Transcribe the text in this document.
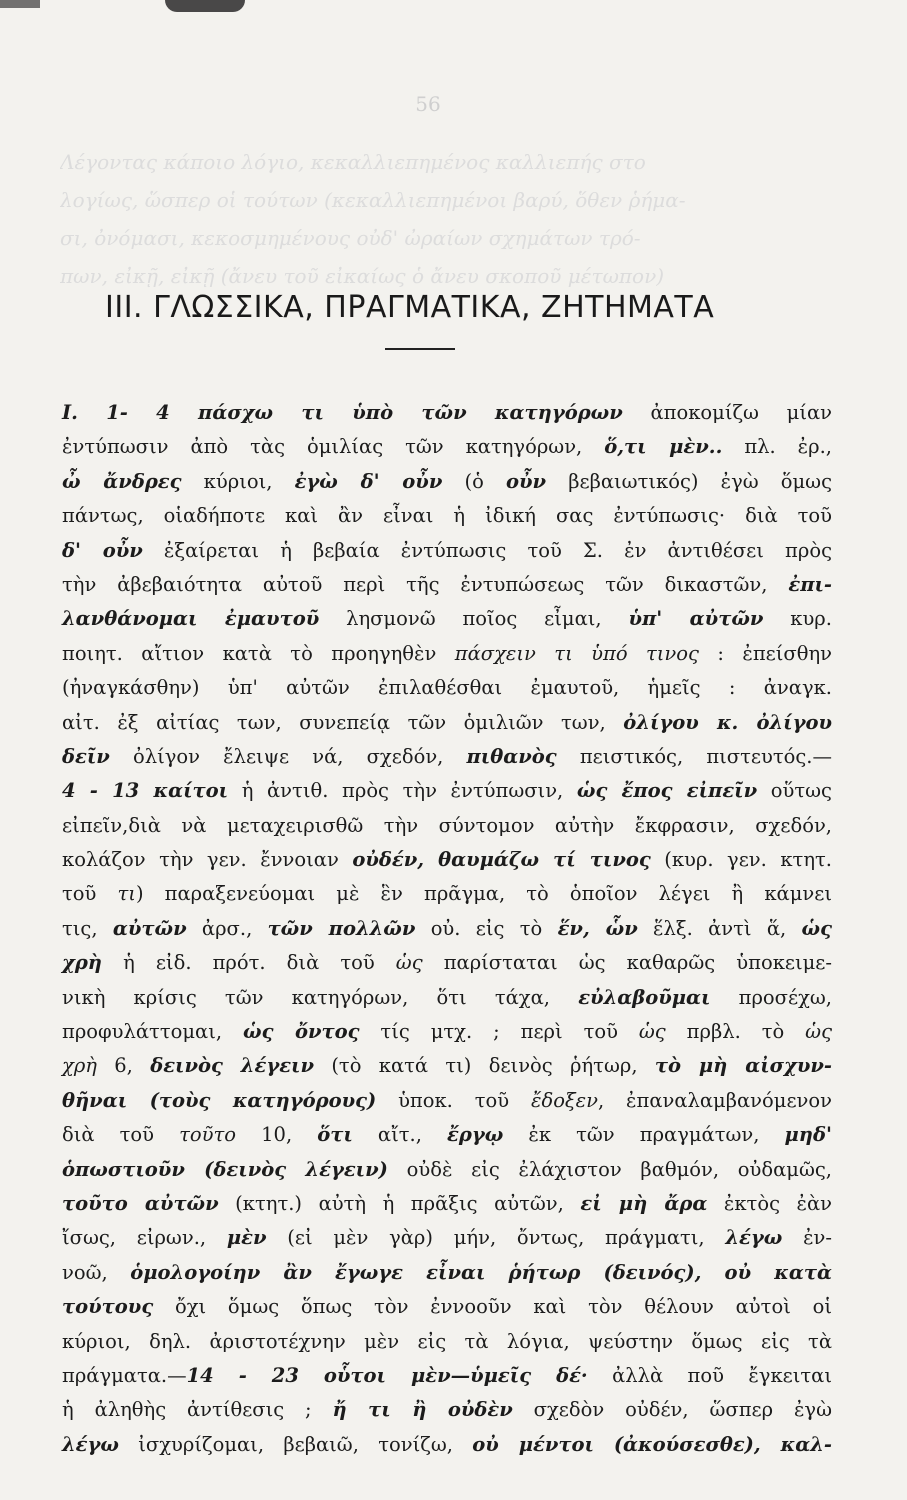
56
Λέγοντας κάποιο λόγιο, κεκαλλιεπημένος καλλιεπής στο
λογίως, ὥσπερ οἱ τούτων (κεκαλλιεπημένοι βαρύ, ὅθεν ῥήμα-
σι, ὀνόμασι, κεκοσμημένους οὐδ' ὠραίων σχημάτων τρό-
πων, εἰκῇ, εἰκῇ (ἄνευ τοῦ εἰκαίως ὁ ἄνευ σκοποῦ μέτωπον)
III. ΓΛΩΣΣΙΚΑ, ΠΡΑΓΜΑΤΙΚΑ, ΖΗΤΗΜΑΤΑ
I. 1- 4 πάσχω τι ὑπὸ τῶν κατηγόρων ἀποκομίζω μίαν
ἐντύπωσιν ἀπὸ τὰς ὁμιλίας τῶν κατηγόρων, ὅ,τι μὲν.. πλ. ἐρ.,
ὦ ἄνδρες κύριοι, ἐγὼ δ' οὖν (ὁ οὖν βεβαιωτικός) ἐγὼ ὅμως
πάντως, οἱαδήποτε καὶ ἂν εἶναι ἡ ἰδική σας ἐντύπωσις· διὰ τοῦ
δ' οὖν ἐξαίρεται ἡ βεβαία ἐντύπωσις τοῦ Σ. ἐν ἀντιθέσει πρὸς
τὴν ἀβεβαιότητα αὐτοῦ περὶ τῆς ἐντυπώσεως τῶν δικαστῶν, ἐπι-
λανθάνομαι ἐμαυτοῦ λησμονῶ ποῖος εἶμαι, ὑπ' αὐτῶν κυρ.
ποιητ. αἴτιον κατὰ τὸ προηγηθὲν πάσχειν τι ὑπό τινος : ἐπείσθην
(ἠναγκάσθην) ὑπ' αὐτῶν ἐπιλαθέσθαι ἐμαυτοῦ, ἡμεῖς : ἀναγκ.
αἰτ. ἐξ αἰτίας των, συνεπείᾳ τῶν ὁμιλιῶν των, ὀλίγου κ. ὀλίγου
δεῖν ὀλίγον ἔλειψε νά, σχεδόν, πιθανὸς πειστικός, πιστευτός.—
4 - 13 καίτοι ἡ ἀντιθ. πρὸς τὴν ἐντύπωσιν, ὡς ἔπος εἰπεῖν οὕτως
εἰπεῖν,διὰ νὰ μεταχειρισθῶ τὴν σύντομον αὐτὴν ἔκφρασιν, σχεδόν,
κολάζον τὴν γεν. ἔννοιαν οὐδέν, θαυμάζω τί τινος (κυρ. γεν. κτητ.
τοῦ τι) παραξενεύομαι μὲ ἓν πρᾶγμα, τὸ ὁποῖον λέγει ἢ κάμνει
τις, αὐτῶν ἀρσ., τῶν πολλῶν οὐ. εἰς τὸ ἕν, ὧν ἕλξ. ἀντὶ ἅ, ὡς
χρὴ ἡ εἰδ. πρότ. διὰ τοῦ ὡς παρίσταται ὡς καθαρῶς ὑποκειμε-
νικὴ κρίσις τῶν κατηγόρων, ὅτι τάχα, εὐλαβοῦμαι προσέχω,
προφυλάττομαι, ὡς ὄντος τίς μτχ. ; περὶ τοῦ ὡς πρβλ. τὸ ὡς
χρὴ 6, δεινὸς λέγειν (τὸ κατά τι) δεινὸς ῥήτωρ, τὸ μὴ αἰσχυν-
θῆναι (τοὺς κατηγόρους) ὑποκ. τοῦ ἔδοξεν, ἐπαναλαμβανόμενον
διὰ τοῦ τοῦτο 10, ὅτι αἴτ., ἔργῳ ἐκ τῶν πραγμάτων, μηδ'
ὁπωστιοῦν (δεινὸς λέγειν) οὐδὲ εἰς ἐλάχιστον βαθμόν, οὐδαμῶς,
τοῦτο αὐτῶν (κτητ.) αὐτὴ ἡ πρᾶξις αὐτῶν, εἰ μὴ ἄρα ἐκτὸς ἐὰν
ἴσως, εἰρων., μὲν (εἰ μὲν γὰρ) μήν, ὄντως, πράγματι, λέγω ἐν-
νοῶ, ὁμολογοίην ἂν ἔγωγε εἶναι ῥήτωρ (δεινός), οὐ κατὰ
τούτους ὄχι ὅμως ὅπως τὸν ἐννοοῦν καὶ τὸν θέλουν αὐτοὶ οἱ
κύριοι, δηλ. ἀριστοτέχνην μὲν εἰς τὰ λόγια, ψεύστην ὅμως εἰς τὰ
πράγματα.—14 - 23 οὗτοι μὲν—ὑμεῖς δέ· ἀλλὰ ποῦ ἔγκειται
ἡ ἀληθὴς ἀντίθεσις ; ἤ τι ἢ οὐδὲν σχεδὸν οὐδέν, ὥσπερ ἐγὼ
λέγω ἰσχυρίζομαι, βεβαιῶ, τονίζω, οὐ μέντοι (ἀκούσεσθε), καλ-
